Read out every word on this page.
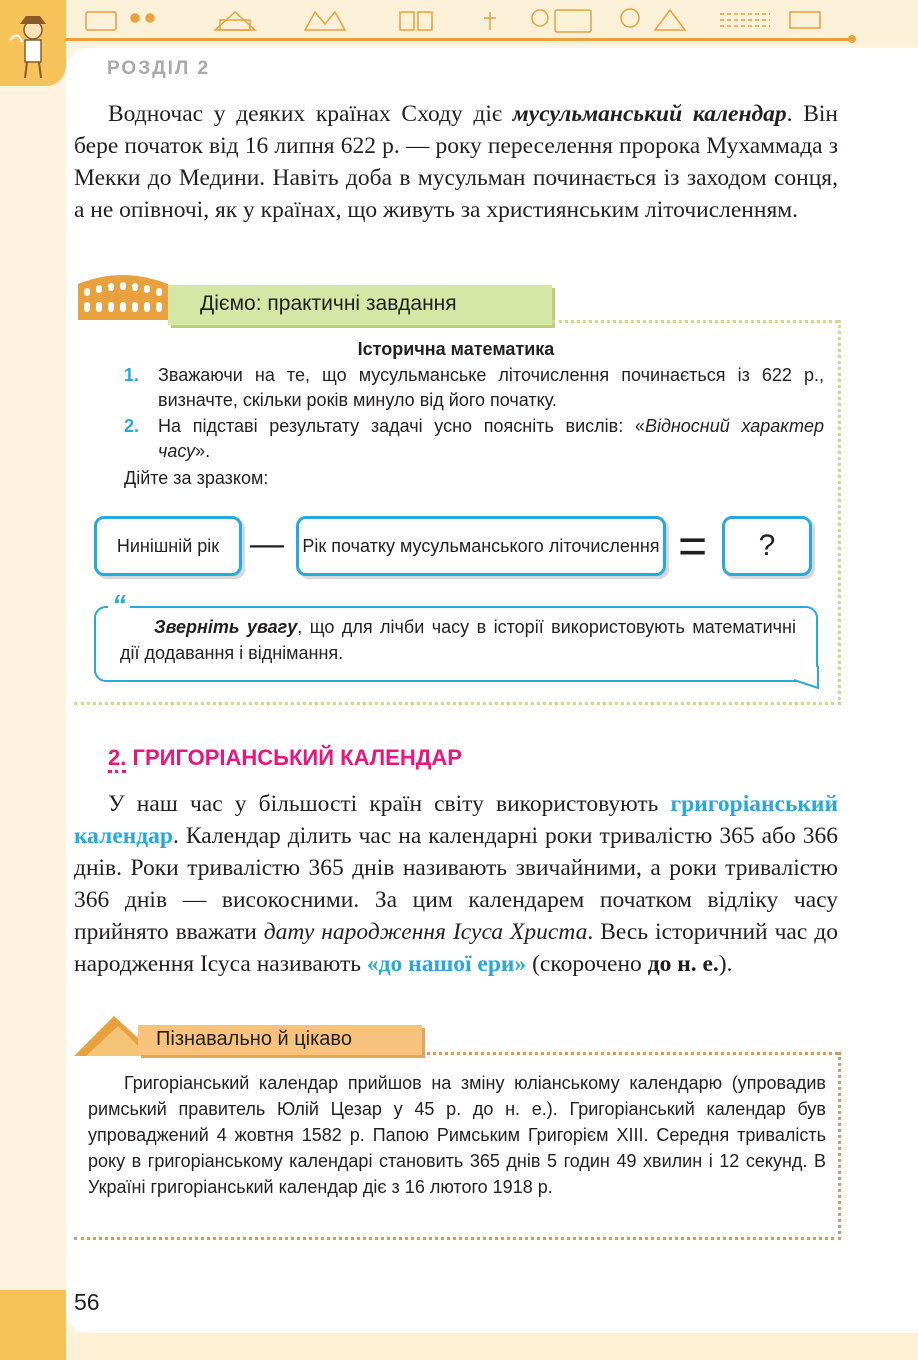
РОЗДІЛ 2

Водночас у деяких країнах Сходу діє мусульманський календар. Він бере початок від 16 липня 622 р. — року переселення пророка Мухаммада з Мекки до Медини. Навіть доба в мусульман починається із заходом сонця, а не опівночі, як у країнах, що живуть за християнським літочисленням.

Діємо: практичні завдання
Історична математика
1. Зважаючи на те, що мусульманське літочислення починається із 622 р., визначте, скільки років минуло від його початку.
2. На підставі результату задачі усно поясніть вислів: «Відносний характер часу».
Дійте за зразком:
Нинішній рік —	Рік початку мусульманського літочислення =	?
“
Зверніть увагу, що для лічби часу в історії використовують математичні дії додавання і віднімання.
2. ГРИГОРІАНСЬКИЙ КАЛЕНДАР

У наш час у більшості країн світу використовують григоріанський календар. Календар ділить час на календарні роки тривалістю 365 або 366 днів. Роки тривалістю 365 днів називають звичайними, а роки тривалістю 366 днів — високосними. За цим календарем початком відліку часу прийнято вважати дату народження Ісуса Христа. Весь історичний час до народження Ісуса називають «до нашої ери» (скорочено до н. е.).

Пізнавально й цікаво
Григоріанський календар прийшов на зміну юліанському календарю (упровадив римський правитель Юлій Цезар у 45 р. до н. е.). Григоріанський календар був упроваджений 4 жовтня 1582 р. Папою Римським Григорієм XIII. Середня тривалість року в григоріанському календарі становить 365 днів 5 годин 49 хвилин і 12 секунд. В Україні григоріанський календар діє з 16 лютого 1918 р.
56
